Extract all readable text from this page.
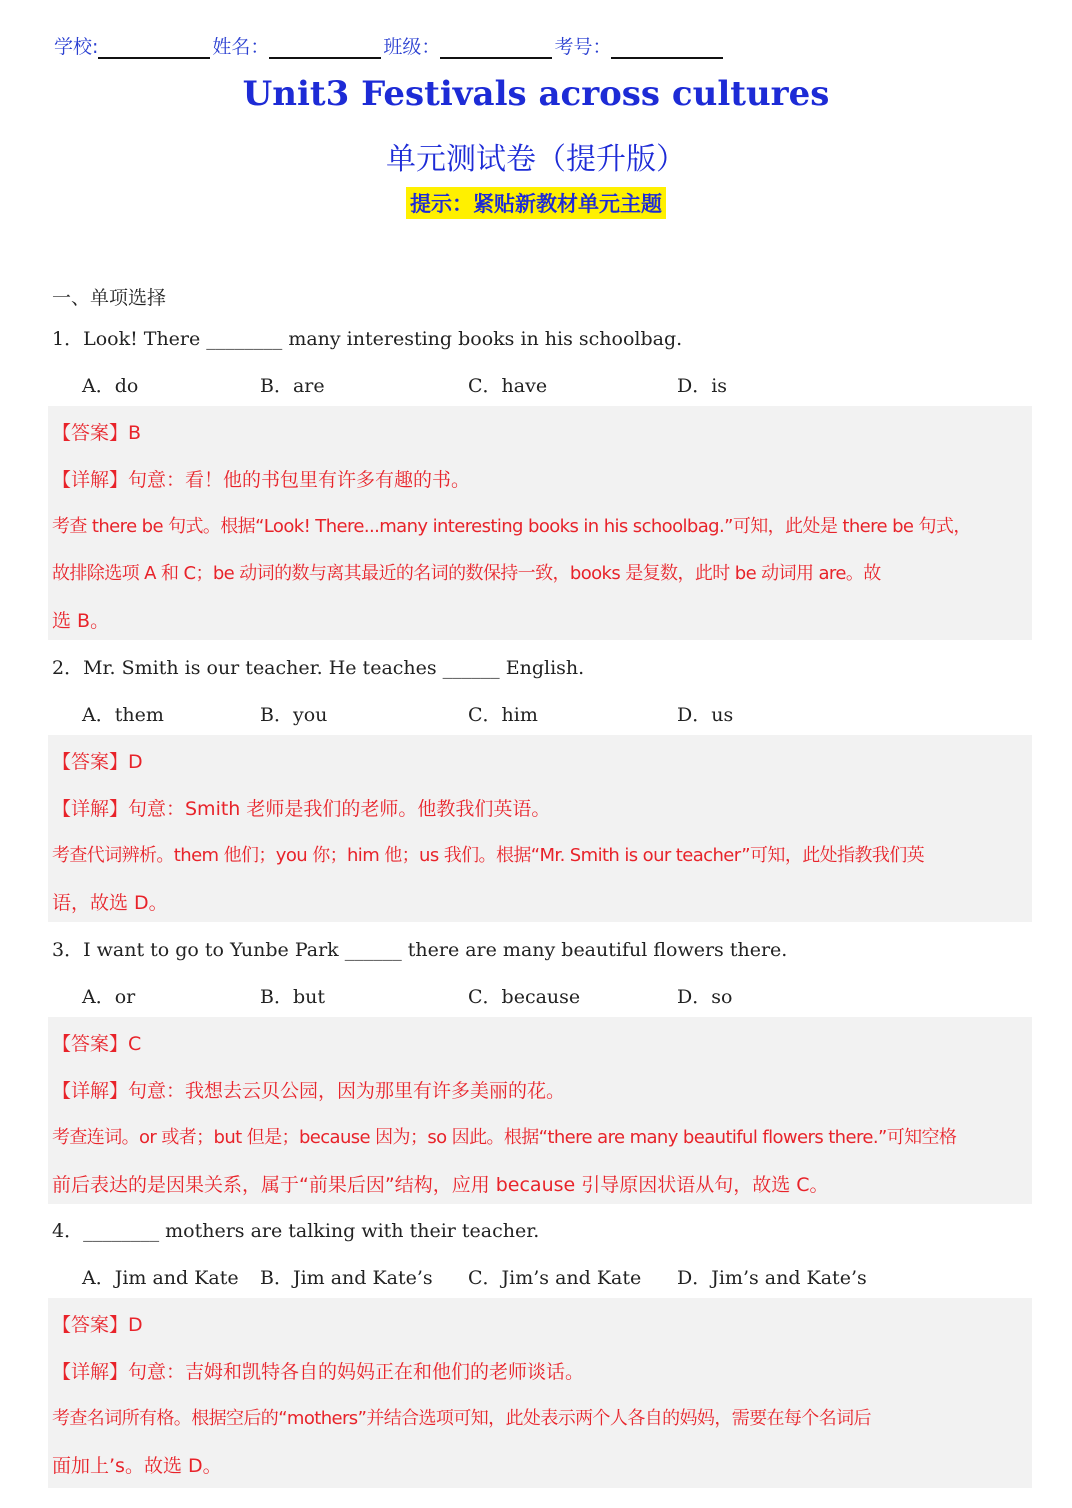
学校:	姓名：	班级：	考号：
Unit3 Festivals across cultures
单元测试卷（提升版）
提示：紧贴新教材单元主题
一、单项选择
1．Look! There ________ many interesting books in his schoolbag.
A．do	B．are	C．have	D．is
【答案】B
【详解】句意：看！他的书包里有许多有趣的书。
考查 there be 句式。根据“Look! There...many interesting books in his schoolbag.”可知，此处是 there be 句式，
故排除选项 A 和 C；be 动词的数与离其最近的名词的数保持一致，books 是复数，此时 be 动词用 are。故
选 B。
2．Mr. Smith is our teacher. He teaches ______ English.
A．them	B．you	C．him	D．us
【答案】D
【详解】句意：Smith 老师是我们的老师。他教我们英语。
考查代词辨析。them 他们；you 你；him 他；us 我们。根据“Mr. Smith is our teacher”可知，此处指教我们英
语，故选 D。
3．I want to go to Yunbe Park ______ there are many beautiful flowers there.
A．or	B．but	C．because	D．so
【答案】C
【详解】句意：我想去云贝公园，因为那里有许多美丽的花。
考查连词。or 或者；but 但是；because 因为；so 因此。根据“there are many beautiful flowers there.”可知空格
前后表达的是因果关系，属于“前果后因”结构，应用 because 引导原因状语从句，故选 C。
4．________ mothers are talking with their teacher.
A．Jim and Kate B．Jim and Kate’s C．Jim’s and Kate D．Jim’s and Kate’s
【答案】D
【详解】句意：吉姆和凯特各自的妈妈正在和他们的老师谈话。
考查名词所有格。根据空后的“mothers”并结合选项可知，此处表示两个人各自的妈妈，需要在每个名词后
面加上’s。故选 D。
